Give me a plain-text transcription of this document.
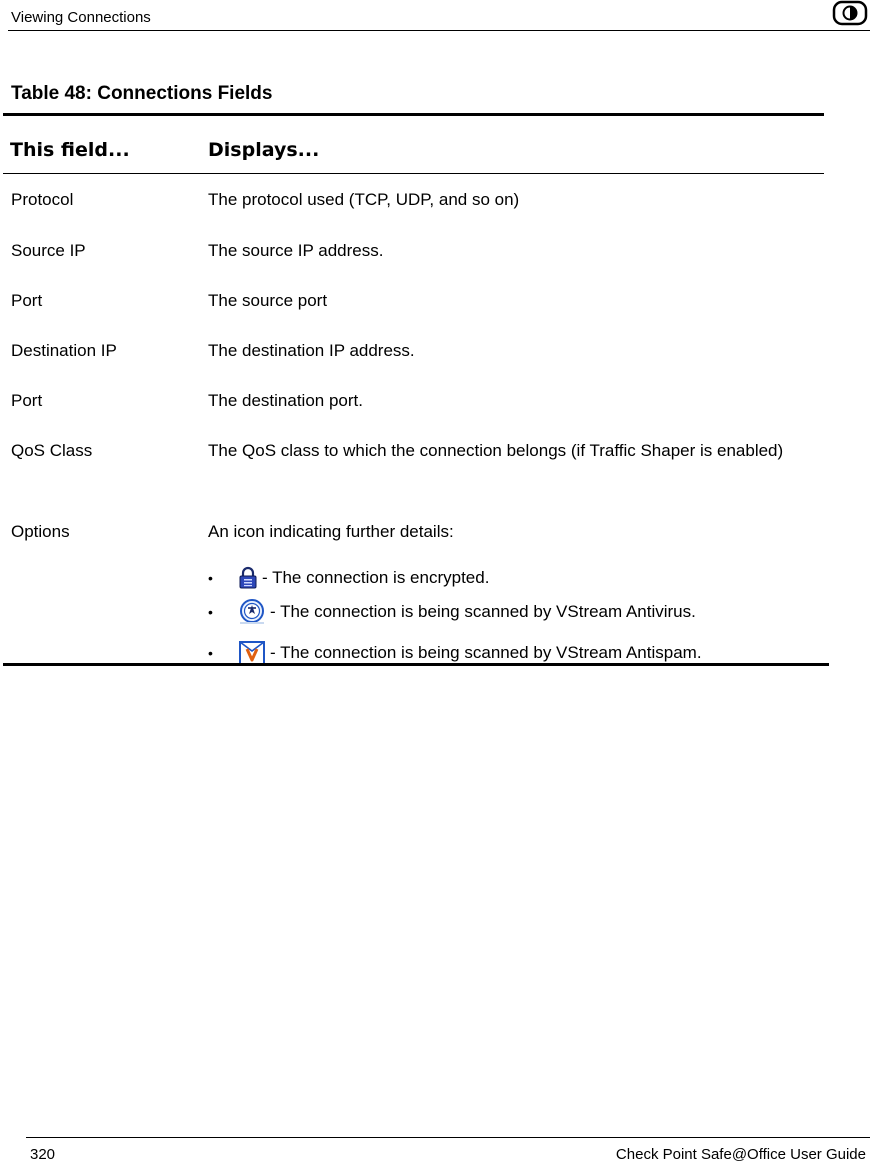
Viewing Connections
Table 48: Connections Fields
This field...	Displays...
Protocol	The protocol used (TCP, UDP, and so on)
Source IP	The source IP address.
Port	The source port
Destination IP	The destination IP address.
Port	The destination port.
QoS Class	The QoS class to which the connection belongs (if Traffic Shaper is enabled)
Options	An icon indicating further details:
•	- The connection is encrypted.
•	- The connection is being scanned by VStream Antivirus.
•	- The connection is being scanned by VStream Antispam.
320	Check Point Safe@Office User Guide
